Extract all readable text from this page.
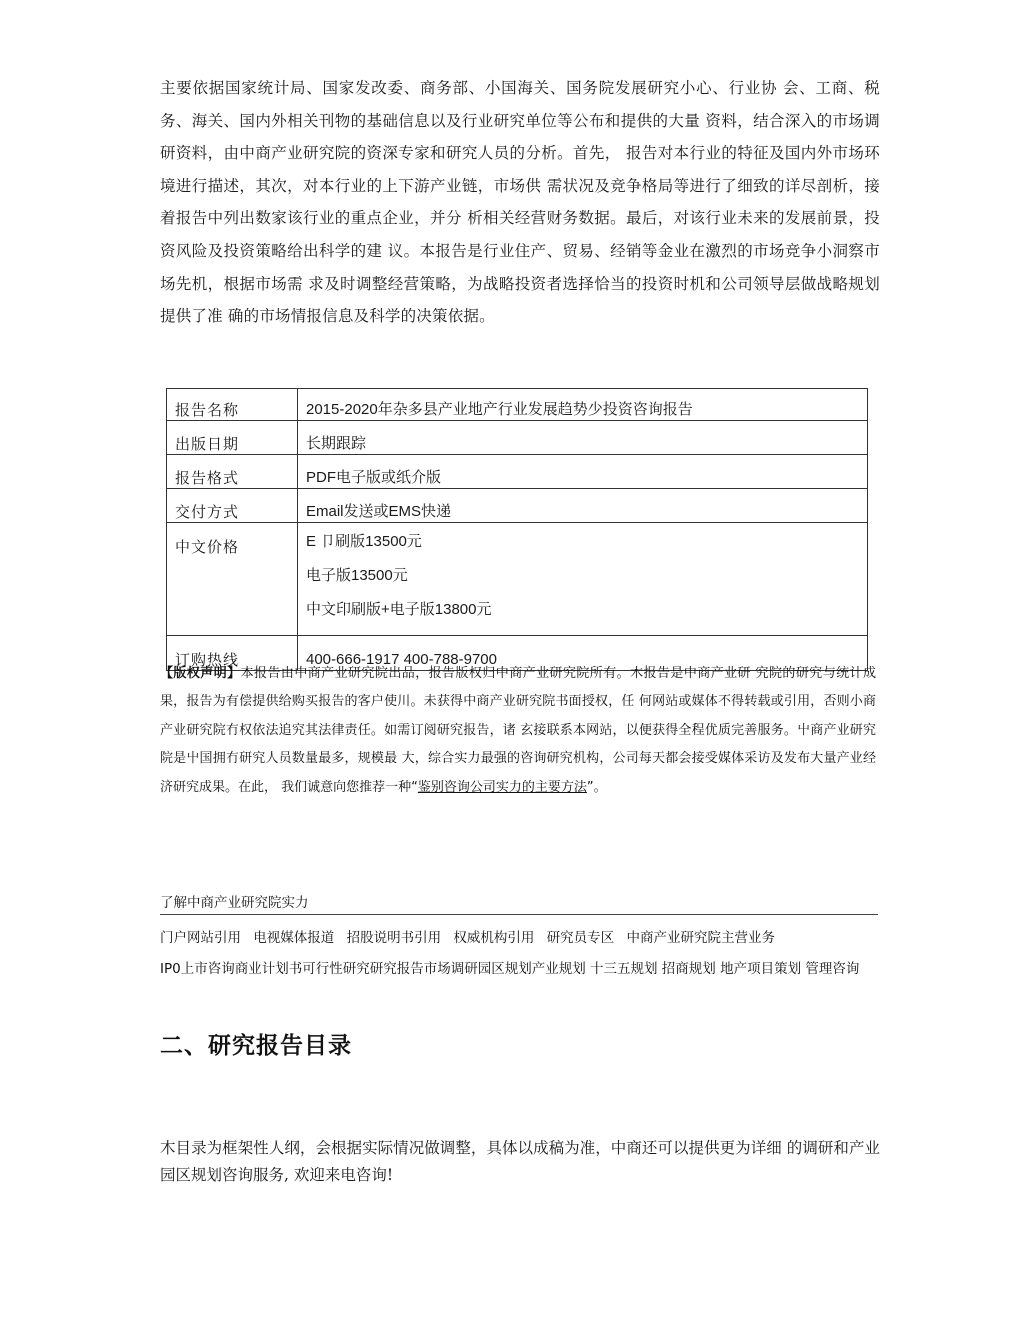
主要依据国家统计局、国家发改委、商务部、小国海关、国务院发展研究小心、行业协 会、工商、税务、海关、国内外相关刊物的基础信息以及行业研究单位等公布和提供的大量 资料，结合深入的市场调研资料，由中商产业研究院的资深专家和研究人员的分析。首先， 报告对本行业的特征及国内外市场环境进行描述，其次，对本行业的上下游产业链，市场供 需状况及竞争格局等进行了细致的详尽剖析，接着报告中列出数家该行业的重点企业，并分 析相关经营财务数据。最后，对该行业未来的发展前景，投资风险及投资策略给出科学的建 议。本报告是行业住产、贸易、经销等金业在激烈的市场竞争小洞察市场先机，根据市场需 求及时调整经营策略，为战略投资者选择恰当的投资时机和公司领导层做战略规划提供了准 确的市场情报信息及科学的决策依据。

报告名称	2015-2020年杂多县产业地产行业发展趋势少投资咨询报告
出版日期	长期跟踪
报告格式	PDF电子版或纸介版
交付方式	Email发送或EMS快递
中文价格	E 卩刷版13500元
电子版13500元
中文印刷版+电子版13800元

订购热线	400-666-1917 400-788-9700

【版权声明】本报告由中商产业研究院出品，报告版权归中商产业研究院所有。木报告是中商产业研 究院的研究与统计成果，报告为有偿提供给购买报告的客户使川。未获得中商产业研究院书面授权，任 何网站或媒体不得转载或引用，否则小商产业研究院冇权依法追究其法律责任。如需订阅研究报告，诸 玄接联系本网站，以便获得全程优质完善服务。屮商产业研究院是屮国拥冇研究人员数量最多，规模最 大，综合实力最强的咨询研究机构，公司每天都会接受媒体采访及发布大量产业经济研究成果。在此， 我们诚意向您推荐一种“鉴别咨询公司实力的主要方法”。

了解中商产业研究院实力
门户网站引用 电视媒体报道 招股说明书引用 权威机构引用 研究员专区 中商产业研究院主营业务
IP0上市咨询商业计划书可行性研究研究报告市场调研园区规划产业规划 十三五规划 招商规划 地产项目策划 管理咨询
二、研究报告目录

木目录为框架性人纲，会根据实际情况做调整，具体以成稿为准，中商还可以提供更为详细 的调研和产业园区规划咨询服务, 欢迎来电咨询!
